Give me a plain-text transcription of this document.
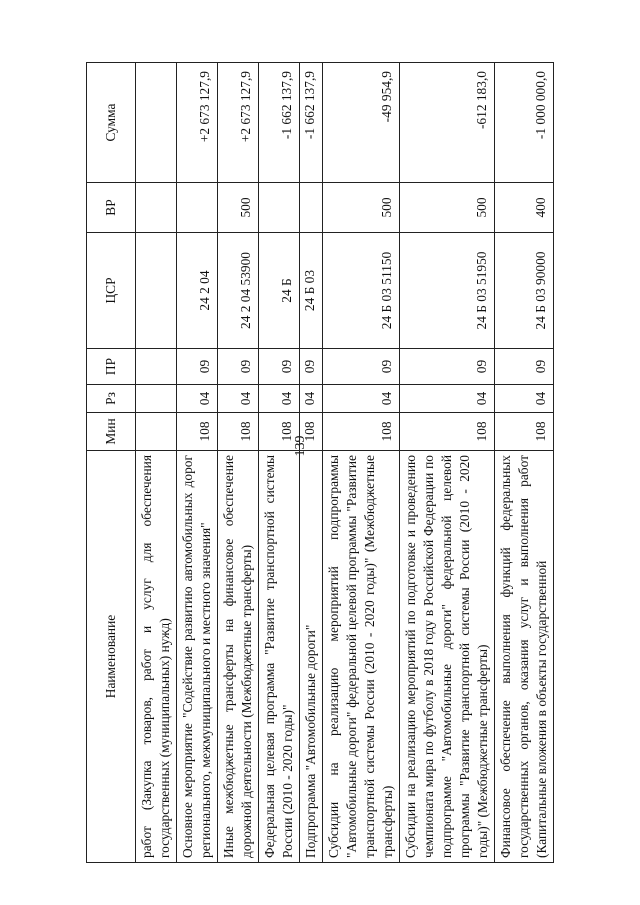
139
Наименование	Мин	Рз	ПР	ЦСР	ВР	Сумма
работ (Закупка товаров, работ и услуг для обеспечения государственных (муниципальных) нужд)						
Основное мероприятие "Содействие развитию автомобильных дорог регионального, межмуниципального и местного значения"	108	04	09	24 2 04		+2 673 127,9
Иные межбюджетные трансферты на финансовое обеспечение дорожной деятельности (Межбюджетные трансферты)	108	04	09	24 2 04 53900	500	+2 673 127,9
Федеральная целевая программа "Развитие транспортной системы России (2010 - 2020 годы)"	108	04	09	24 Б		-1 662 137,9
Подпрограмма "Автомобильные дороги"	108	04	09	24 Б 03		-1 662 137,9
Субсидии на реализацию мероприятий подпрограммы "Автомобильные дороги" федеральной целевой программы "Развитие транспортной системы России (2010 - 2020 годы)" (Межбюджетные трансферты)	108	04	09	24 Б 03 51150	500	-49 954,9
Субсидии на реализацию мероприятий по подготовке и проведению чемпионата мира по футболу в 2018 году в Российской Федерации по подпрограмме "Автомобильные дороги" федеральной целевой программы "Развитие транспортной системы России (2010 - 2020 годы)" (Межбюджетные трансферты)	108	04	09	24 Б 03 51950	500	-612 183,0
Финансовое обеспечение выполнения функций федеральных государственных органов, оказания услуг и выполнения работ (Капитальные вложения в объекты государственной	108	04	09	24 Б 03 90000	400	-1 000 000,0
